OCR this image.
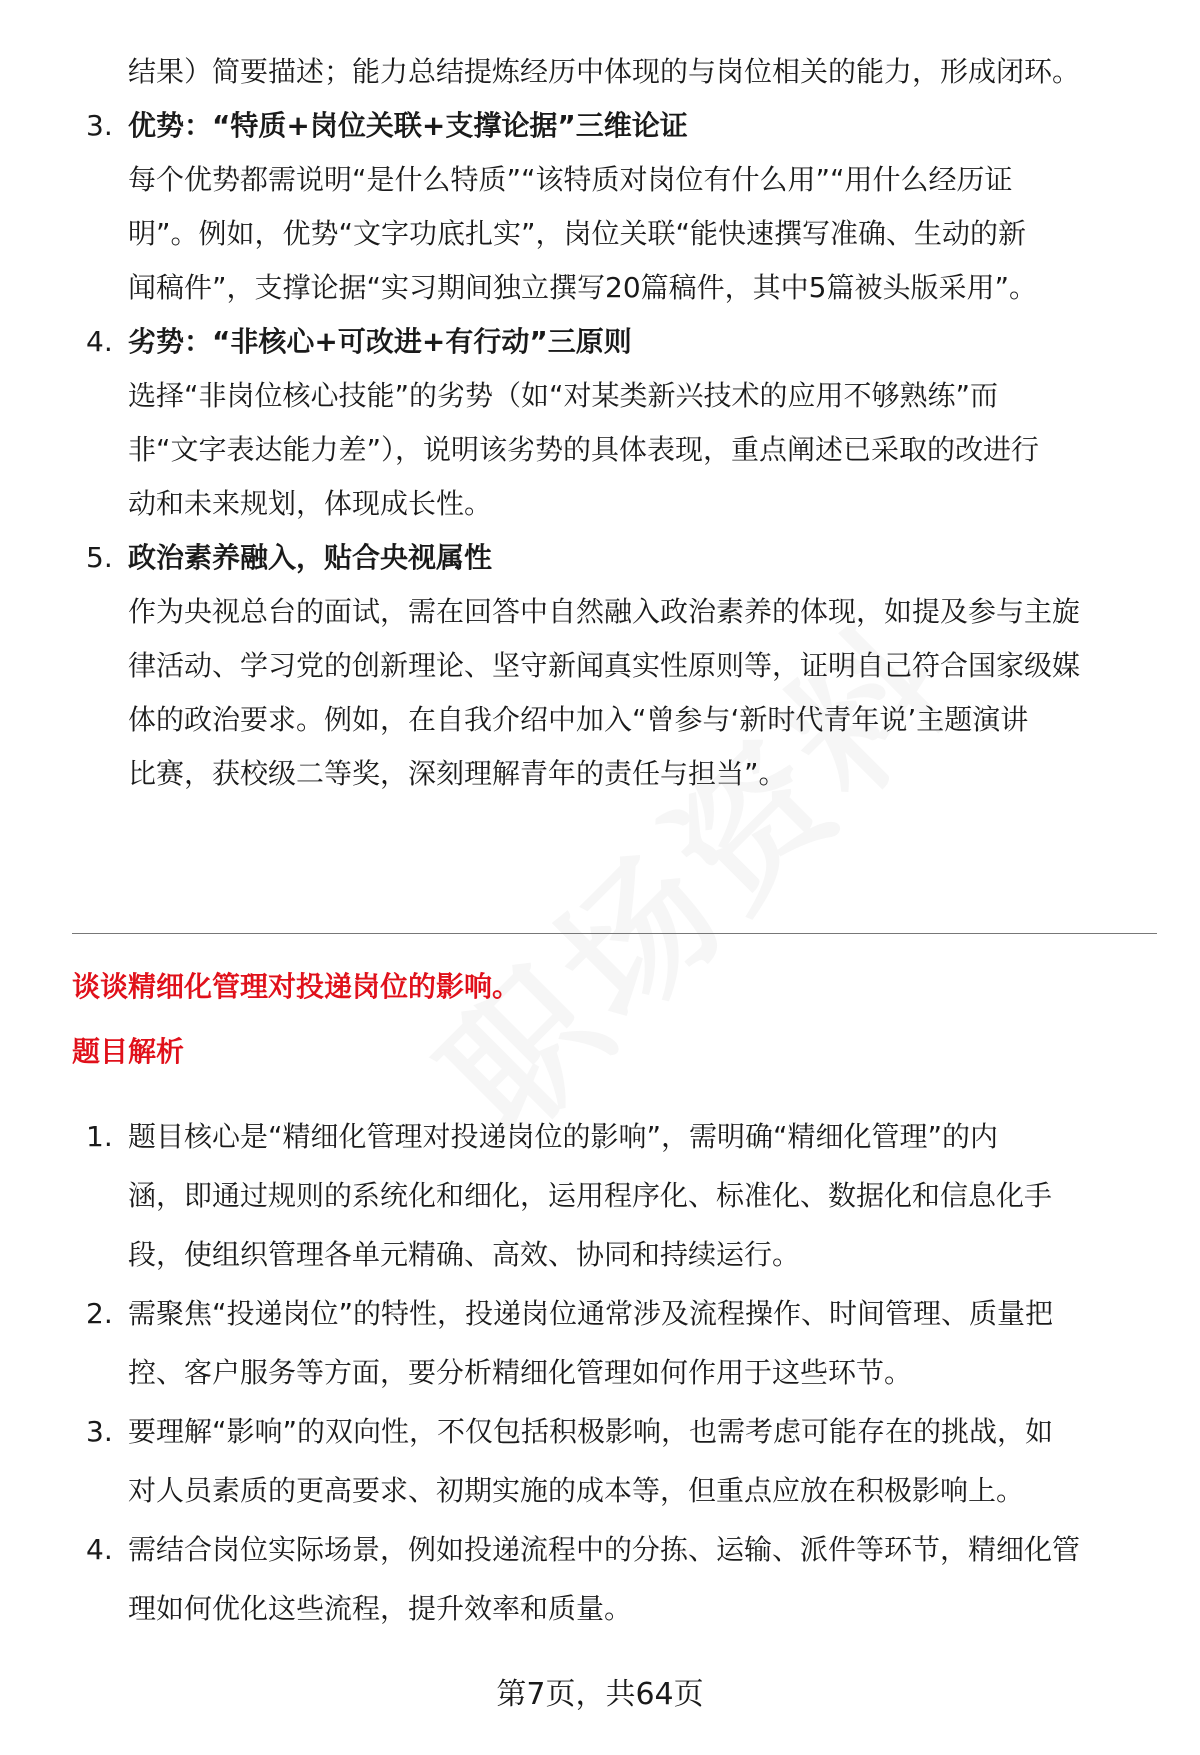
结果）简要描述；能力总结提炼经历中体现的与岗位相关的能力，形成闭环。
3. 优势：“特质+岗位关联+支撑论据”三维论证
每个优势都需说明“是什么特质”“该特质对岗位有什么用”“用什么经历证
明”。例如，优势“文字功底扎实”，岗位关联“能快速撰写准确、生动的新
闻稿件”，支撑论据“实习期间独立撰写20篇稿件，其中5篇被头版采用”。
4. 劣势：“非核心+可改进+有行动”三原则
选择“非岗位核心技能”的劣势（如“对某类新兴技术的应用不够熟练”而
非“文字表达能力差”），说明该劣势的具体表现，重点阐述已采取的改进行
动和未来规划，体现成长性。
5. 政治素养融入，贴合央视属性
作为央视总台的面试，需在回答中自然融入政治素养的体现，如提及参与主旋
律活动、学习党的创新理论、坚守新闻真实性原则等，证明自己符合国家级媒
体的政治要求。例如，在自我介绍中加入“曾参与‘新时代青年说’主题演讲
比赛，获校级二等奖，深刻理解青年的责任与担当”。
谈谈精细化管理对投递岗位的影响。
题目解析
1. 题目核心是“精细化管理对投递岗位的影响”，需明确“精细化管理”的内
涵，即通过规则的系统化和细化，运用程序化、标准化、数据化和信息化手
段，使组织管理各单元精确、高效、协同和持续运行。
2. 需聚焦“投递岗位”的特性，投递岗位通常涉及流程操作、时间管理、质量把
控、客户服务等方面，要分析精细化管理如何作用于这些环节。
3. 要理解“影响”的双向性，不仅包括积极影响，也需考虑可能存在的挑战，如
对人员素质的更高要求、初期实施的成本等，但重点应放在积极影响上。
4. 需结合岗位实际场景，例如投递流程中的分拣、运输、派件等环节，精细化管
理如何优化这些流程，提升效率和质量。
第7页，共64页
